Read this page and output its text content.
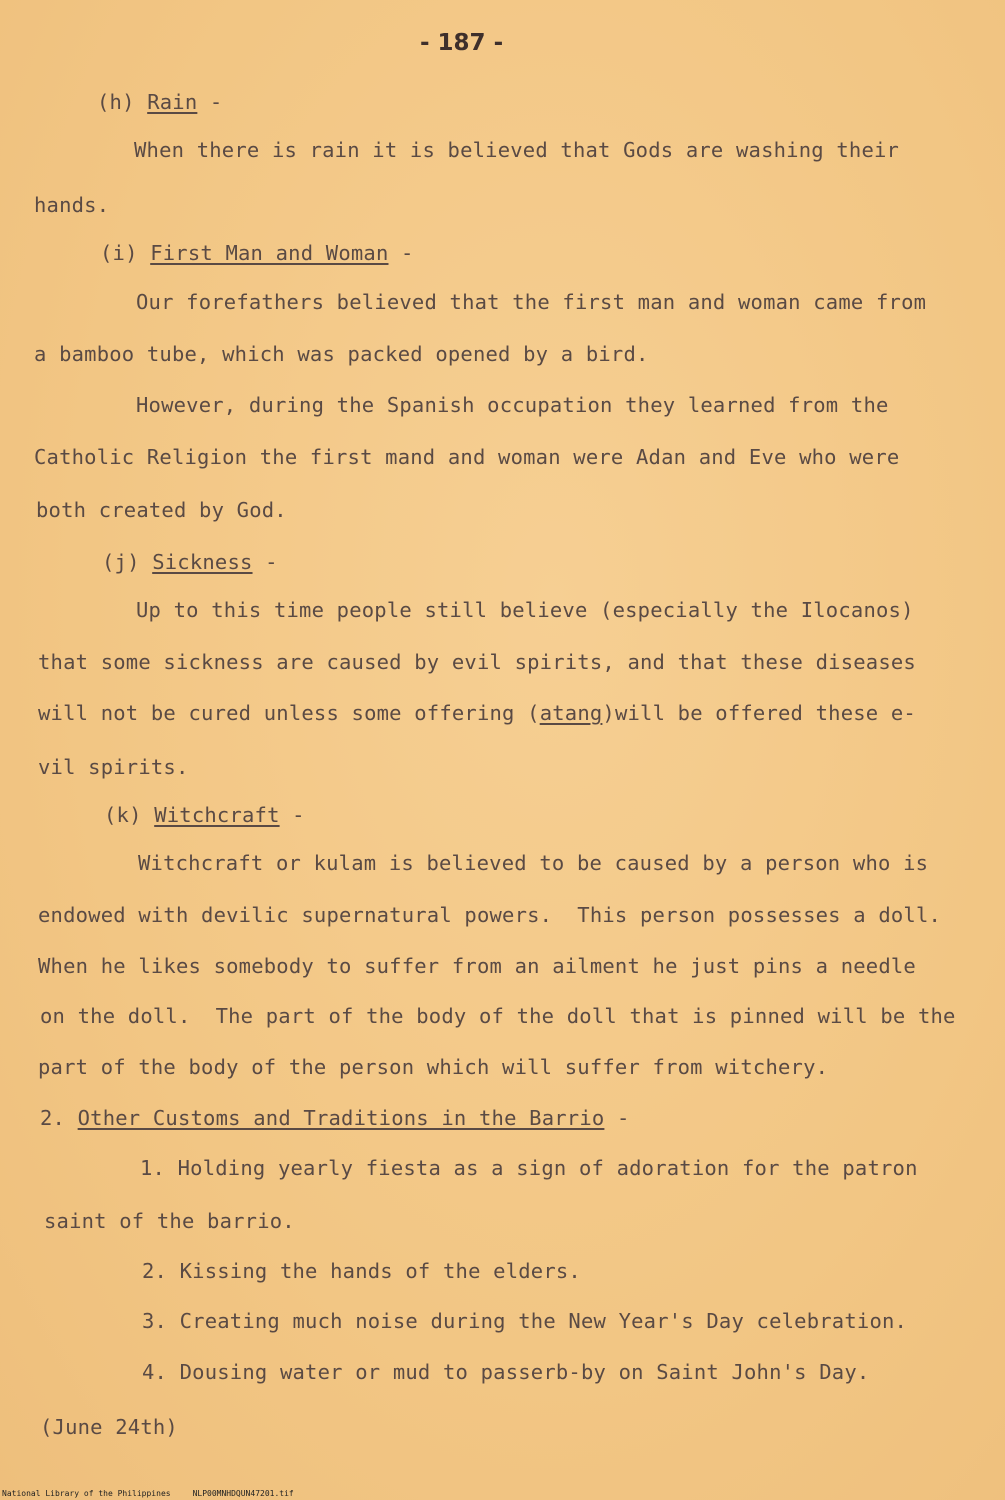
- 187 -
(h) Rain -
When there is rain it is believed that Gods are washing their
hands.
(i) First Man and Woman -
Our forefathers believed that the first man and woman came from
a bamboo tube, which was packed opened by a bird.
However, during the Spanish occupation they learned from the
Catholic Religion the first mand and woman were Adan and Eve who were
both created by God.
(j) Sickness -
Up to this time people still believe (especially the Ilocanos)
that some sickness are caused by evil spirits, and that these diseases
will not be cured unless some offering (atang)will be offered these e-
vil spirits.
(k) Witchcraft -
Witchcraft or kulam is believed to be caused by a person who is
endowed with devilic supernatural powers.  This person possesses a doll.
When he likes somebody to suffer from an ailment he just pins a needle
on the doll.  The part of the body of the doll that is pinned will be the
part of the body of the person which will suffer from witchery.
2. Other Customs and Traditions in the Barrio -
1. Holding yearly fiesta as a sign of adoration for the patron
saint of the barrio.
2. Kissing the hands of the elders.
3. Creating much noise during the New Year's Day celebration.
4. Dousing water or mud to passerb-by on Saint John's Day.
(June 24th)
National Library of the Philippines	NLP00MNHDQUN47201.tif
